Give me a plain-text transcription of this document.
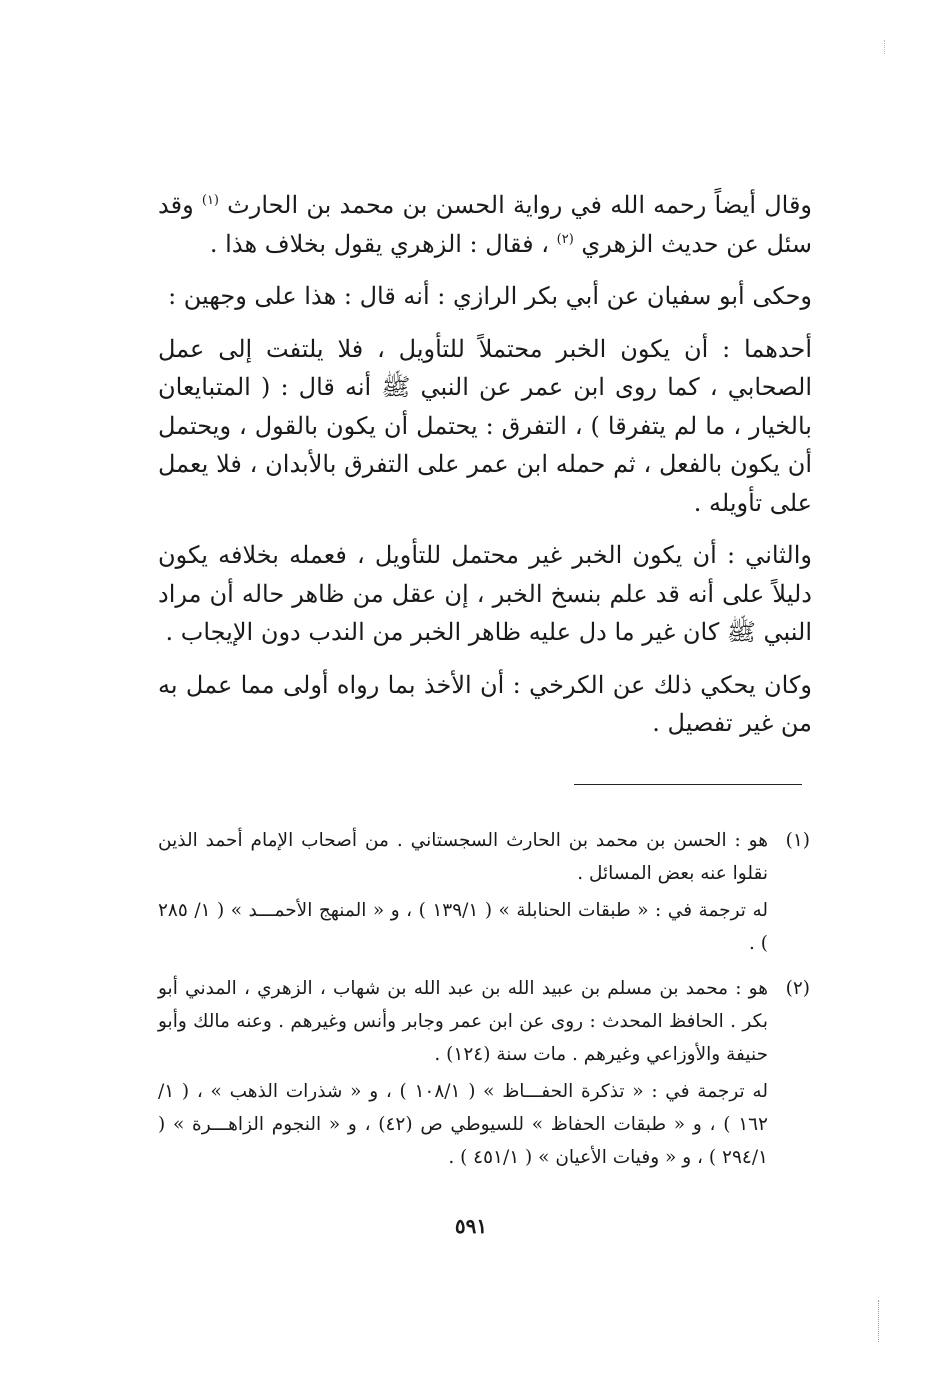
وقال أيضاً رحمه الله في رواية الحسن بن محمد بن الحارث $^{(١)}$ وقد سئل عن حديث الزهري $^{(٢)}$ ، فقال : الزهري يقول بخلاف هذا .

وحكى أبو سفيان عن أبي بكر الرازي : أنه قال : هذا على وجهين :

أحدهما : أن يكون الخبر محتملاً للتأويل ، فلا يلتفت إلى عمل الصحابي ، كما روى ابن عمر عن النبي ﷺ أنه قال : ( المتبايعان بالخيار ، ما لم يتفرقا ) ، التفرق : يحتمل أن يكون بالقول ، ويحتمل أن يكون بالفعل ، ثم حمله ابن عمر على التفرق بالأبدان ، فلا يعمل على تأويله .

والثاني : أن يكون الخبر غير محتمل للتأويل ، فعمله بخلافه يكون دليلاً على أنه قد علم بنسخ الخبر ، إن عقل من ظاهر حاله أن مراد النبي ﷺ كان غير ما دل عليه ظاهر الخبر من الندب دون الإيجاب .

وكان يحكي ذلك عن الكرخي : أن الأخذ بما رواه أولى مما عمل به من غير تفصيل .

(١)

هو : الحسن بن محمد بن الحارث السجستاني . من أصحاب الإمام أحمد الذين نقلوا عنه بعض المسائل .

له ترجمة في : « طبقات الحنابلة » ( ١٣٩/١ ) ، و « المنهج الأحمـــد » ( ١/ ٢٨٥ ) .

(٢)

هو : محمد بن مسلم بن عبيد الله بن عبد الله بن شهاب ، الزهري ، المدني أبو بكر . الحافظ المحدث : روى عن ابن عمر وجابر وأنس وغيرهم . وعنه مالك وأبو حنيفة والأوزاعي وغيرهم . مات سنة (١٢٤) .

له ترجمة في : « تذكرة الحفـــاظ » ( ١٠٨/١ ) ، و « شذرات الذهب » ، ( ١/ ١٦٢ ) ، و « طبقات الحفاظ » للسيوطي ص (٤٢) ، و « النجوم الزاهـــرة » ( ٢٩٤/١ ) ، و « وفيات الأعيان » ( ٤٥١/١ ) .

٥٩١
